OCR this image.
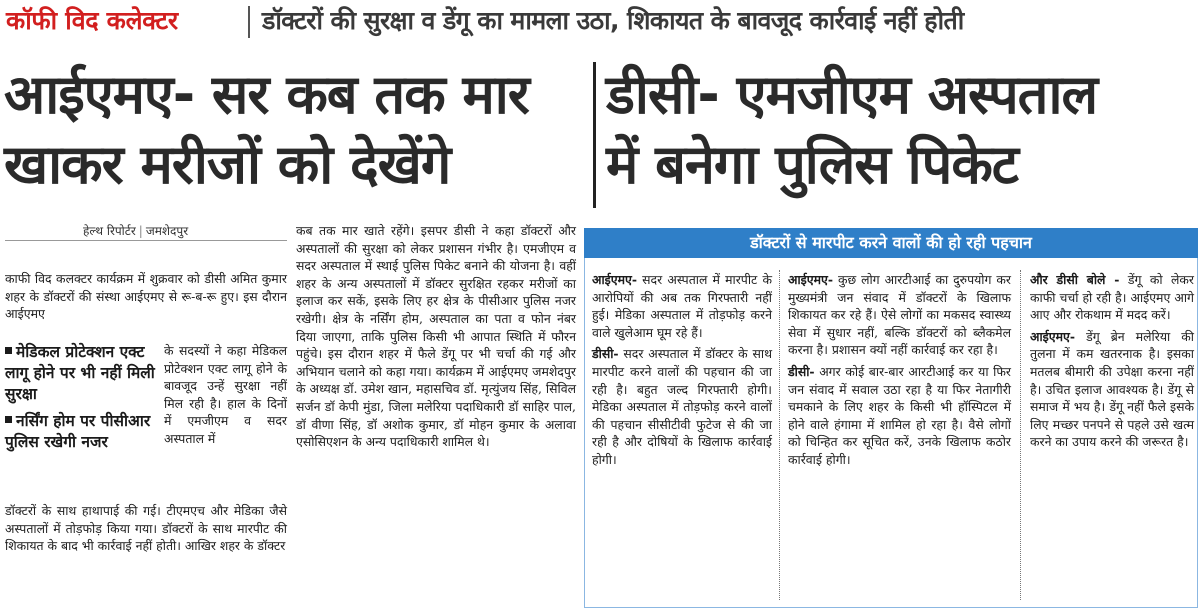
कॉफी विद कलेक्टर	डॉक्टरों की सुरक्षा व डेंगू का मामला उठा, शिकायत के बावजूद कार्रवाई नहीं होती
आईएमए- सर कब तक मार
खाकर मरीजों को देखेंगे
डीसी- एमजीएम अस्पताल
में बनेगा पुलिस पिकेट
हेल्थ रिपोर्टर | जमशेदपुर

काफी विद कलक्टर कार्यक्रम में शुक्रवार को डीसी अमित कुमार शहर के डॉक्टरों की संस्था आईएमए से रू-ब-रू हुए। इस दौरान आईएमए

मेडिकल प्रोटेक्शन एक्ट लागू होने पर भी नहीं मिली सुरक्षा

नर्सिंग होम पर पीसीआर पुलिस रखेगी नजर

के सदस्यों ने कहा मेडिकल प्रोटेक्शन एक्ट लागू होने के बावजूद उन्हें सुरक्षा नहीं मिल रही है। हाल के दिनों में एमजीएम व सदर अस्पताल में

डॉक्टरों के साथ हाथापाई की गई। टीएमएच और मेडिका जैसे अस्पतालों में तोड़फोड़ किया गया। डॉक्टरों के साथ मारपीट की शिकायत के बाद भी कार्रवाई नहीं होती। आखिर शहर के डॉक्टर

कब तक मार खाते रहेंगे। इसपर डीसी ने कहा डॉक्टरों और अस्पतालों की सुरक्षा को लेकर प्रशासन गंभीर है। एमजीएम व सदर अस्पताल में स्थाई पुलिस पिकेट बनाने की योजना है। वहीं शहर के अन्य अस्पतालों में डॉक्टर सुरक्षित रहकर मरीजों का इलाज कर सकें, इसके लिए हर क्षेत्र के पीसीआर पुलिस नजर रखेगी। क्षेत्र के नर्सिंग होम, अस्पताल का पता व फोन नंबर दिया जाएगा, ताकि पुलिस किसी भी आपात स्थिति में फौरन पहुंचे। इस दौरान शहर में फैले डेंगू पर भी चर्चा की गई और अभियान चलाने को कहा गया। कार्यक्रम में आईएमए जमशेदपुर के अध्यक्ष डॉ. उमेश खान, महासचिव डॉ. मृत्युंजय सिंह, सिविल सर्जन डॉ केपी मुंडा, जिला मलेरिया पदाधिकारी डॉ साहिर पाल, डॉ वीणा सिंह, डॉ अशोक कुमार, डॉ मोहन कुमार के अलावा एसोसिएशन के अन्य पदाधिकारी शामिल थे।

डॉक्टरों से मारपीट करने वालों की हो रही पहचान

आईएमए- सदर अस्पताल में मारपीट के आरोपियों की अब तक गिरफ्तारी नहीं हुई। मेडिका अस्पताल में तोड़फोड़ करने वाले खुलेआम घूम रहे हैं।

डीसी- सदर अस्पताल में डॉक्टर के साथ मारपीट करने वालों की पहचान की जा रही है। बहुत जल्द गिरफ्तारी होगी। मेडिका अस्पताल में तोड़फोड़ करने वालों की पहचान सीसीटीवी फुटेज से की जा रही है और दोषियों के खिलाफ कार्रवाई होगी।

आईएमए- कुछ लोग आरटीआई का दुरुपयोग कर मुख्यमंत्री जन संवाद में डॉक्टरों के खिलाफ शिकायत कर रहे हैं। ऐसे लोगों का मकसद स्वास्थ्य सेवा में सुधार नहीं, बल्कि डॉक्टरों को ब्लैकमेल करना है। प्रशासन क्यों नहीं कार्रवाई कर रहा है।

डीसी- अगर कोई बार-बार आरटीआई कर या फिर जन संवाद में सवाल उठा रहा है या फिर नेतागीरी चमकाने के लिए शहर के किसी भी हॉस्पिटल में होने वाले हंगामा में शामिल हो रहा है। वैसे लोगों को चिन्हित कर सूचित करें, उनके खिलाफ कठोर कार्रवाई होगी।

और डीसी बोले - डेंगू को लेकर काफी चर्चा हो रही है। आईएमए आगे आए और रोकथाम में मदद करें।

आईएमए- डेंगू ब्रेन मलेरिया की तुलना में कम खतरनाक है। इसका मतलब बीमारी की उपेक्षा करना नहीं है। उचित इलाज आवश्यक है। डेंगू से समाज में भय है। डेंगू नहीं फैले इसके लिए मच्छर पनपने से पहले उसे खत्म करने का उपाय करने की जरूरत है।
